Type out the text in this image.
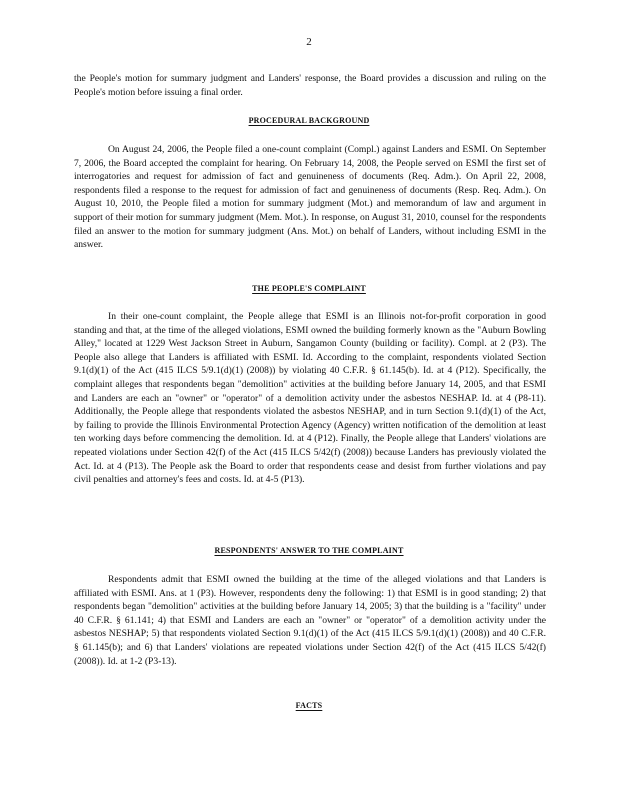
2

the People's motion for summary judgment and Landers' response, the Board provides a discussion and ruling on the People's motion before issuing a final order.

PROCEDURAL BACKGROUND

On August 24, 2006, the People filed a one-count complaint (Compl.) against Landers and ESMI. On September 7, 2006, the Board accepted the complaint for hearing. On February 14, 2008, the People served on ESMI the first set of interrogatories and request for admission of fact and genuineness of documents (Req. Adm.). On April 22, 2008, respondents filed a response to the request for admission of fact and genuineness of documents (Resp. Req. Adm.). On August 10, 2010, the People filed a motion for summary judgment (Mot.) and memorandum of law and argument in support of their motion for summary judgment (Mem. Mot.). In response, on August 31, 2010, counsel for the respondents filed an answer to the motion for summary judgment (Ans. Mot.) on behalf of Landers, without including ESMI in the answer.

THE PEOPLE'S COMPLAINT

In their one-count complaint, the People allege that ESMI is an Illinois not-for-profit corporation in good standing and that, at the time of the alleged violations, ESMI owned the building formerly known as the "Auburn Bowling Alley," located at 1229 West Jackson Street in Auburn, Sangamon County (building or facility). Compl. at 2 (P3). The People also allege that Landers is affiliated with ESMI. Id. According to the complaint, respondents violated Section 9.1(d)(1) of the Act (415 ILCS 5/9.1(d)(1) (2008)) by violating 40 C.F.R. § 61.145(b). Id. at 4 (P12). Specifically, the complaint alleges that respondents began "demolition" activities at the building before January 14, 2005, and that ESMI and Landers are each an "owner" or "operator" of a demolition activity under the asbestos NESHAP. Id. at 4 (P8-11). Additionally, the People allege that respondents violated the asbestos NESHAP, and in turn Section 9.1(d)(1) of the Act, by failing to provide the Illinois Environmental Protection Agency (Agency) written notification of the demolition at least ten working days before commencing the demolition. Id. at 4 (P12). Finally, the People allege that Landers' violations are repeated violations under Section 42(f) of the Act (415 ILCS 5/42(f) (2008)) because Landers has previously violated the Act. Id. at 4 (P13). The People ask the Board to order that respondents cease and desist from further violations and pay civil penalties and attorney's fees and costs. Id. at 4-5 (P13).

RESPONDENTS' ANSWER TO THE COMPLAINT

Respondents admit that ESMI owned the building at the time of the alleged violations and that Landers is affiliated with ESMI. Ans. at 1 (P3). However, respondents deny the following: 1) that ESMI is in good standing; 2) that respondents began "demolition" activities at the building before January 14, 2005; 3) that the building is a "facility" under 40 C.F.R. § 61.141; 4) that ESMI and Landers are each an "owner" or "operator" of a demolition activity under the asbestos NESHAP; 5) that respondents violated Section 9.1(d)(1) of the Act (415 ILCS 5/9.1(d)(1) (2008)) and 40 C.F.R. § 61.145(b); and 6) that Landers' violations are repeated violations under Section 42(f) of the Act (415 ILCS 5/42(f) (2008)). Id. at 1-2 (P3-13).

FACTS
